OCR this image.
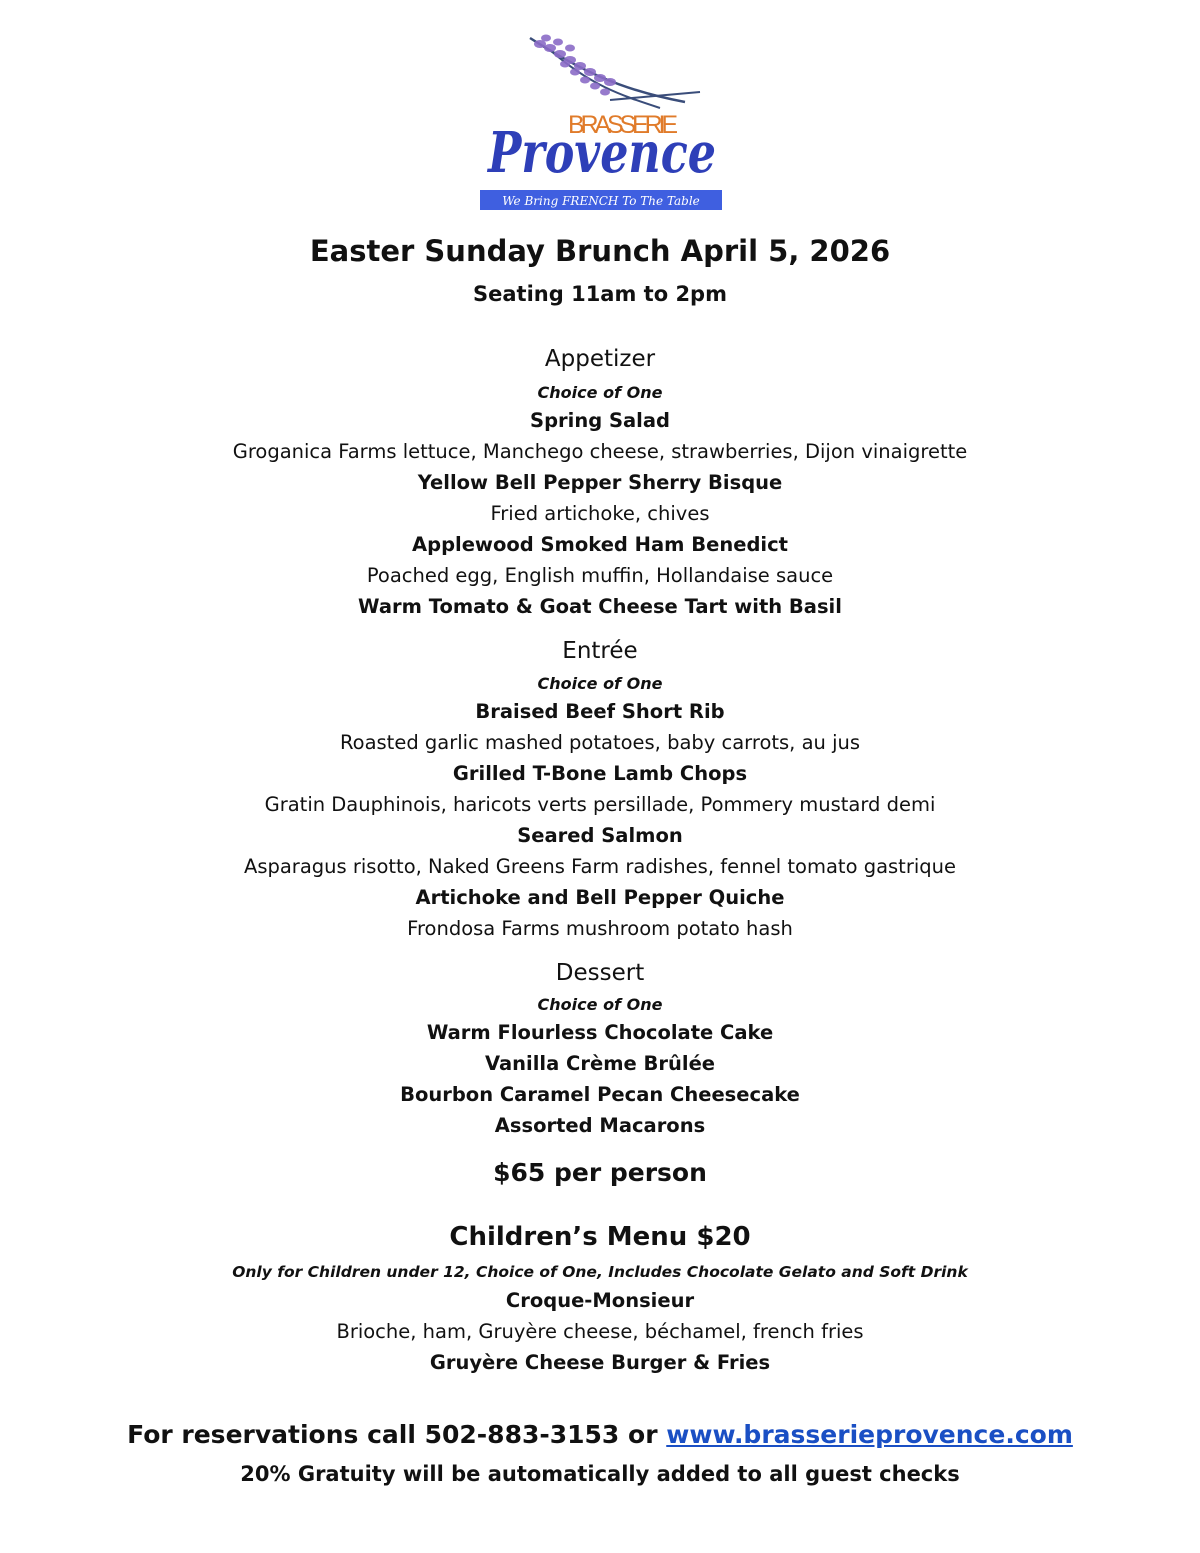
BRASSERIE
Provence
We Bring FRENCH To The Table
Easter Sunday Brunch April 5, 2026
Seating 11am to 2pm
Appetizer
Choice of One
Spring Salad
Groganica Farms lettuce, Manchego cheese, strawberries, Dijon vinaigrette
Yellow Bell Pepper Sherry Bisque
Fried artichoke, chives
Applewood Smoked Ham Benedict
Poached egg, English muffin, Hollandaise sauce
Warm Tomato & Goat Cheese Tart with Basil
Entrée
Choice of One
Braised Beef Short Rib
Roasted garlic mashed potatoes, baby carrots, au jus
Grilled T-Bone Lamb Chops
Gratin Dauphinois, haricots verts persillade, Pommery mustard demi
Seared Salmon
Asparagus risotto, Naked Greens Farm radishes, fennel tomato gastrique
Artichoke and Bell Pepper Quiche
Frondosa Farms mushroom potato hash
Dessert
Choice of One
Warm Flourless Chocolate Cake
Vanilla Crème Brûlée
Bourbon Caramel Pecan Cheesecake
Assorted Macarons
$65 per person
Children’s Menu $20
Only for Children under 12, Choice of One, Includes Chocolate Gelato and Soft Drink
Croque-Monsieur
Brioche, ham, Gruyère cheese, béchamel, french fries
Gruyère Cheese Burger & Fries
For reservations call 502-883-3153 or www.brasserieprovence.com
20% Gratuity will be automatically added to all guest checks
